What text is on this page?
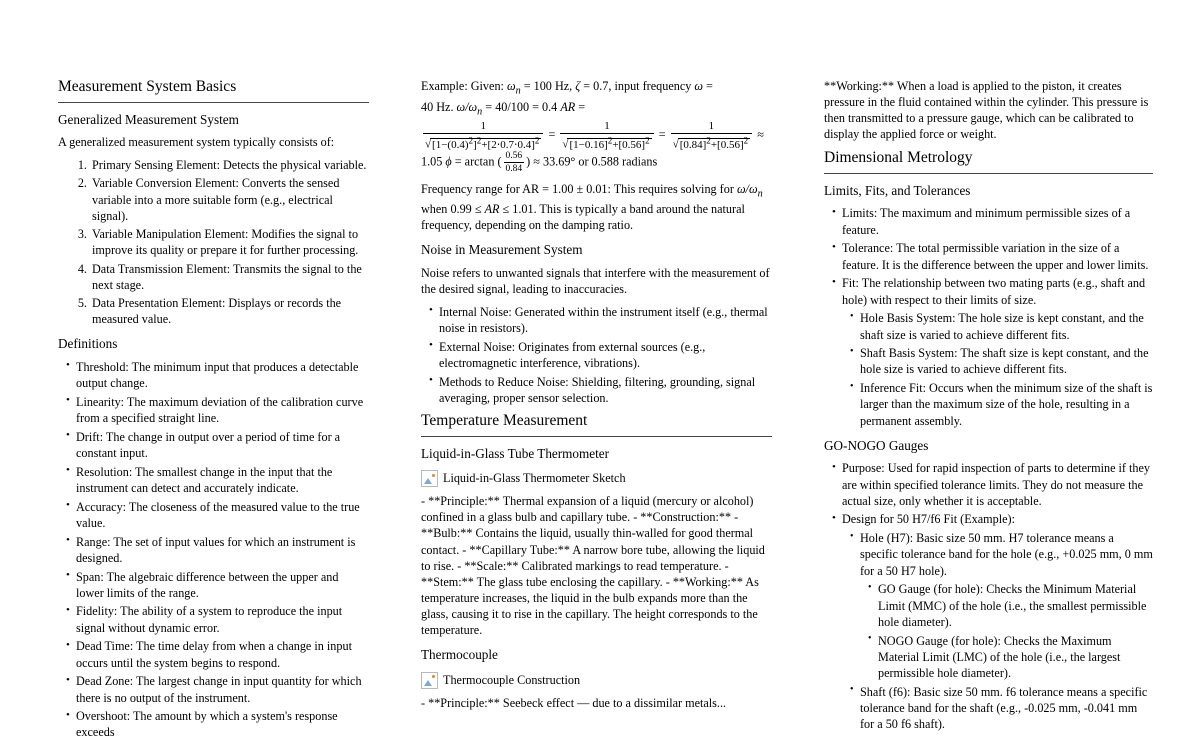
Measurement System Basics
Generalized Measurement System

A generalized measurement system typically consists of:

1. Primary Sensing Element: Detects the physical variable.
2. Variable Conversion Element: Converts the sensed variable into a more suitable form (e.g., electrical signal).
3. Variable Manipulation Element: Modifies the signal to improve its quality or prepare it for further processing.
4. Data Transmission Element: Transmits the signal to the next stage.
5. Data Presentation Element: Displays or records the measured value.
Definitions
• Threshold: The minimum input that produces a detectable output change.
• Linearity: The maximum deviation of the calibration curve from a specified straight line.
• Drift: The change in output over a period of time for a constant input.
• Resolution: The smallest change in the input that the instrument can detect and accurately indicate.
• Accuracy: The closeness of the measured value to the true value.
• Range: The set of input values for which an instrument is designed.
• Span: The algebraic difference between the upper and lower limits of the range.
• Fidelity: The ability of a system to reproduce the input signal without dynamic error.
• Dead Time: The time delay from when a change in input occurs until the system begins to respond.
• Dead Zone: The largest change in input quantity for which there is no output of the instrument.
• Overshoot: The amount by which a system's response exceeds
Example: Given: $\omega_n = 100$ Hz, ζ = 0.7, input frequency ω =
40 Hz. $\omega/\omega_n = 40/100 = 0.4$ AR =

$\frac{1}{√[1-(0.4)^2]^2+[2\cdot 0.7\cdot 0.4]^2} = \frac{1}{√[1-0.16]^2+[0.56]^2} = \frac{1}{√[0.84]^2+[0.56]^2}$ ≈
1.05 ϕ = arctan ( $\frac{0.56}{0.84}$ ) ≈ 33.69° or 0.588 radians

Frequency range for AR = 1.00 ± 0.01: This requires solving for $\omega/\omega_n$ when 0.99 ≤ AR ≤ 1.01. This is typically a band around the natural frequency, depending on the damping ratio.

Noise in Measurement System

Noise refers to unwanted signals that interfere with the measurement of the desired signal, leading to inaccuracies.

• Internal Noise: Generated within the instrument itself (e.g., thermal noise in resistors).
• External Noise: Originates from external sources (e.g., electromagnetic interference, vibrations).
• Methods to Reduce Noise: Shielding, filtering, grounding, signal averaging, proper sensor selection.
Temperature Measurement
Liquid-in-Glass Tube Thermometer
Liquid-in-Glass Thermometer Sketch

- **Principle:** Thermal expansion of a liquid (mercury or alcohol) confined in a glass bulb and capillary tube. - **Construction:** - **Bulb:** Contains the liquid, usually thin-walled for good thermal contact. - **Capillary Tube:** A narrow bore tube, allowing the liquid to rise. - **Scale:** Calibrated markings to read temperature. - **Stem:** The glass tube enclosing the capillary. - **Working:** As temperature increases, the liquid in the bulb expands more than the glass, causing it to rise in the capillary. The height corresponds to the temperature.

Thermocouple
Thermocouple Construction

- **Principle:** Seebeck effect — due to a dissimilar metals...

**Working:** When a load is applied to the piston, it creates pressure in the fluid contained within the cylinder. This pressure is then transmitted to a pressure gauge, which can be calibrated to display the applied force or weight.

Dimensional Metrology
Limits, Fits, and Tolerances
• Limits: The maximum and minimum permissible sizes of a feature.
• Tolerance: The total permissible variation in the size of a feature. It is the difference between the upper and lower limits.
• Fit: The relationship between two mating parts (e.g., shaft and hole) with respect to their limits of size.
• Hole Basis System: The hole size is kept constant, and the shaft size is varied to achieve different fits.
• Shaft Basis System: The shaft size is kept constant, and the hole size is varied to achieve different fits.
• Inference Fit: Occurs when the minimum size of the shaft is larger than the maximum size of the hole, resulting in a permanent assembly.
GO-NOGO Gauges
• Purpose: Used for rapid inspection of parts to determine if they are within specified tolerance limits. They do not measure the actual size, only whether it is acceptable.
• Design for 50 H7/f6 Fit (Example):
• Hole (H7): Basic size 50 mm. H7 tolerance means a specific tolerance band for the hole (e.g., +0.025 mm, 0 mm for a 50 H7 hole).
• GO Gauge (for hole): Checks the Minimum Material Limit (MMC) of the hole (i.e., the smallest permissible hole diameter).
• NOGO Gauge (for hole): Checks the Maximum Material Limit (LMC) of the hole (i.e., the largest permissible hole diameter).
• Shaft (f6): Basic size 50 mm. f6 tolerance means a specific tolerance band for the shaft (e.g., -0.025 mm, -0.041 mm for a 50 f6 shaft).
